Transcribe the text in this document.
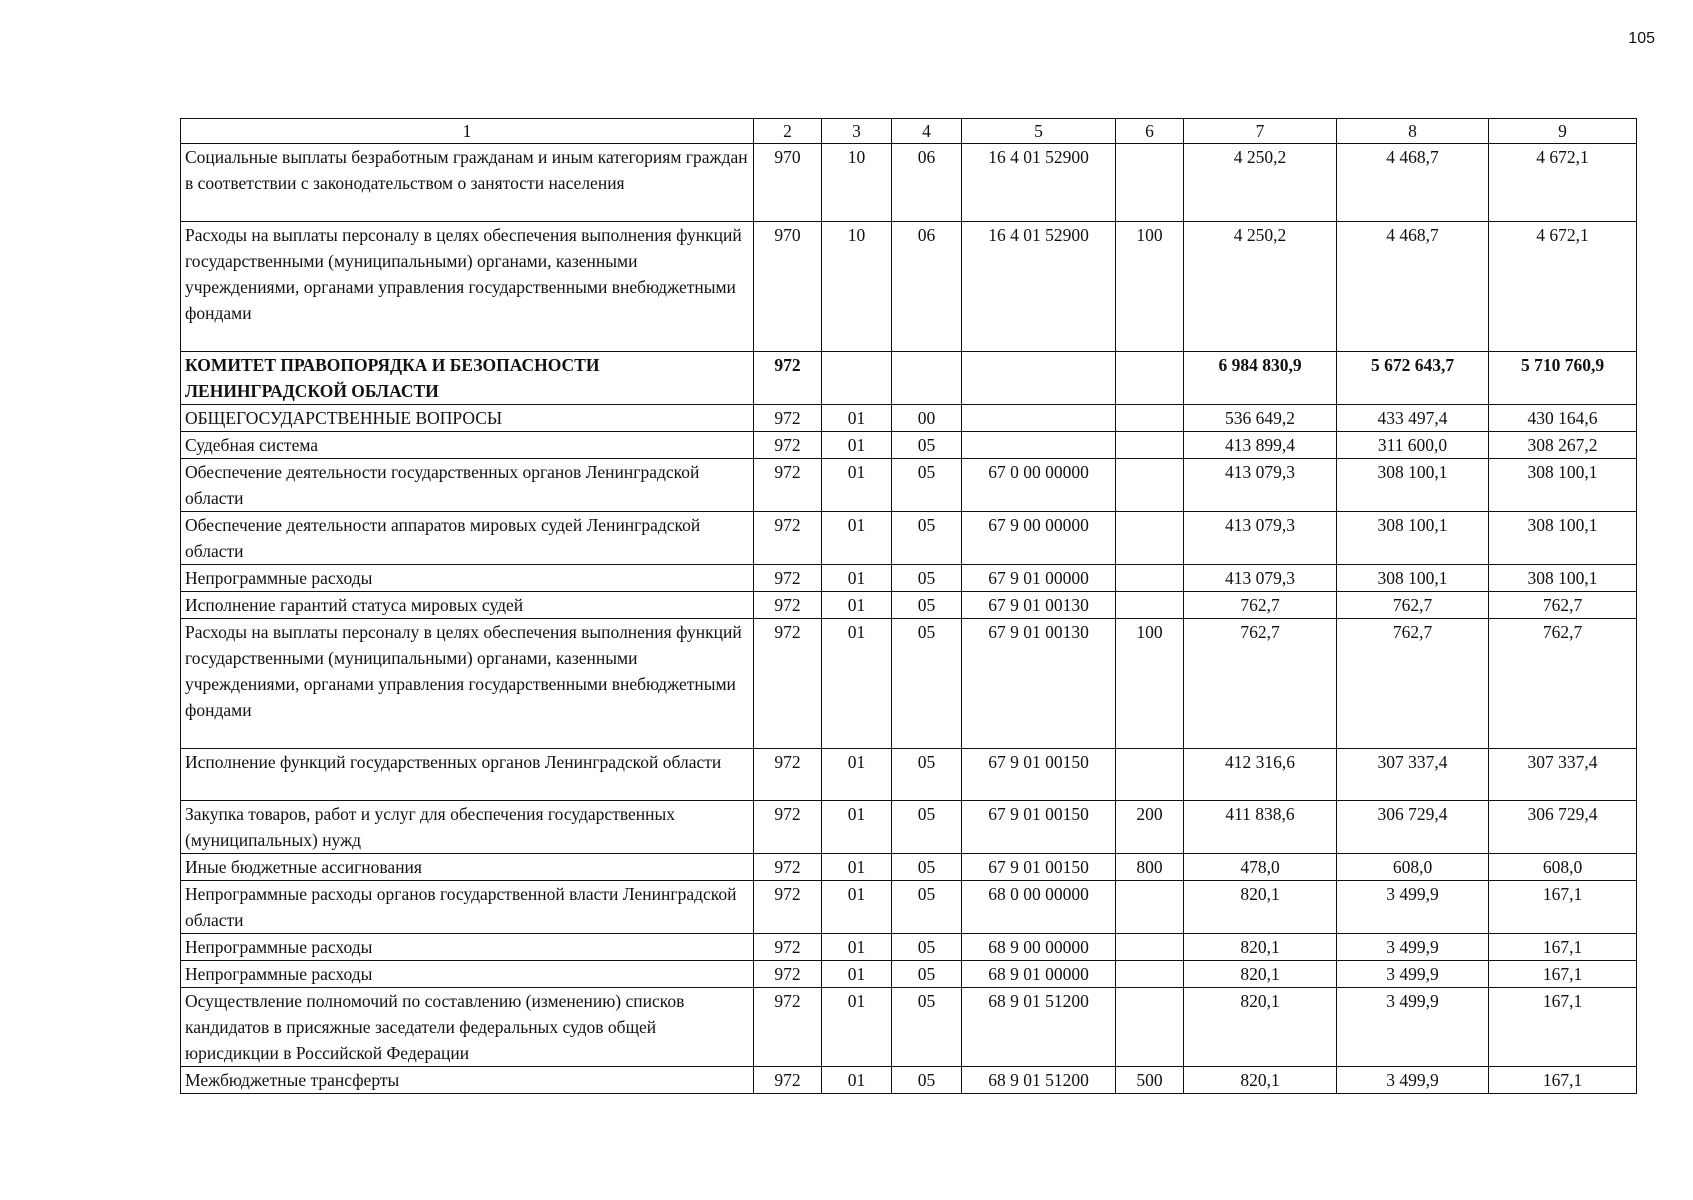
105
1	2	3	4	5	6	7	8	9
Социальные выплаты безработным гражданам и иным категориям граждан в соответствии с законодательством о занятости населения	970	10	06	16 4 01 52900		4 250,2	4 468,7	4 672,1
Расходы на выплаты персоналу в целях обеспечения выполнения функций государственными (муниципальными) органами, казенными учреждениями, органами управления государственными внебюджетными фондами	970	10	06	16 4 01 52900	100	4 250,2	4 468,7	4 672,1
КОМИТЕТ ПРАВОПОРЯДКА И БЕЗОПАСНОСТИ ЛЕНИНГРАДСКОЙ ОБЛАСТИ	972					6 984 830,9	5 672 643,7	5 710 760,9
ОБЩЕГОСУДАРСТВЕННЫЕ ВОПРОСЫ	972	01	00			536 649,2	433 497,4	430 164,6
Судебная система	972	01	05			413 899,4	311 600,0	308 267,2
Обеспечение деятельности государственных органов Ленинградской области	972	01	05	67 0 00 00000		413 079,3	308 100,1	308 100,1
Обеспечение деятельности аппаратов мировых судей Ленинградской области	972	01	05	67 9 00 00000		413 079,3	308 100,1	308 100,1
Непрограммные расходы	972	01	05	67 9 01 00000		413 079,3	308 100,1	308 100,1
Исполнение гарантий статуса мировых судей	972	01	05	67 9 01 00130		762,7	762,7	762,7
Расходы на выплаты персоналу в целях обеспечения выполнения функций государственными (муниципальными) органами, казенными учреждениями, органами управления государственными внебюджетными фондами	972	01	05	67 9 01 00130	100	762,7	762,7	762,7
Исполнение функций государственных органов Ленинградской области	972	01	05	67 9 01 00150		412 316,6	307 337,4	307 337,4
Закупка товаров, работ и услуг для обеспечения государственных (муниципальных) нужд	972	01	05	67 9 01 00150	200	411 838,6	306 729,4	306 729,4
Иные бюджетные ассигнования	972	01	05	67 9 01 00150	800	478,0	608,0	608,0
Непрограммные расходы органов государственной власти Ленинградской области	972	01	05	68 0 00 00000		820,1	3 499,9	167,1
Непрограммные расходы	972	01	05	68 9 00 00000		820,1	3 499,9	167,1
Непрограммные расходы	972	01	05	68 9 01 00000		820,1	3 499,9	167,1
Осуществление полномочий по составлению (изменению) списков кандидатов в присяжные заседатели федеральных судов общей юрисдикции в Российской Федерации	972	01	05	68 9 01 51200		820,1	3 499,9	167,1
Межбюджетные трансферты	972	01	05	68 9 01 51200	500	820,1	3 499,9	167,1
